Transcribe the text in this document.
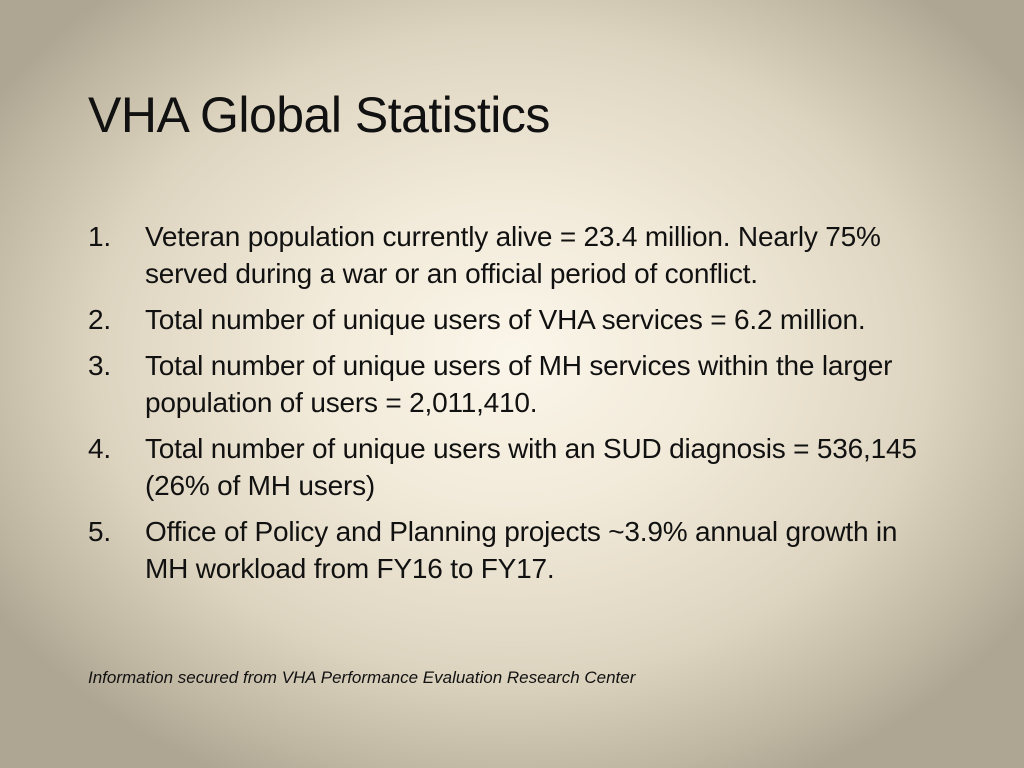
VHA Global Statistics
1.	Veteran population currently alive = 23.4 million. Nearly 75% served during a war or an official period of conflict.
2.	Total number of unique users of VHA services = 6.2 million.
3.	Total number of unique users of MH services within the larger population of users = 2,011,410.
4.	Total number of unique users with an SUD diagnosis = 536,145 (26% of MH users)
5.	Office of Policy and Planning projects ~3.9% annual growth in MH workload from FY16 to FY17.

Information secured from VHA Performance Evaluation Research Center
